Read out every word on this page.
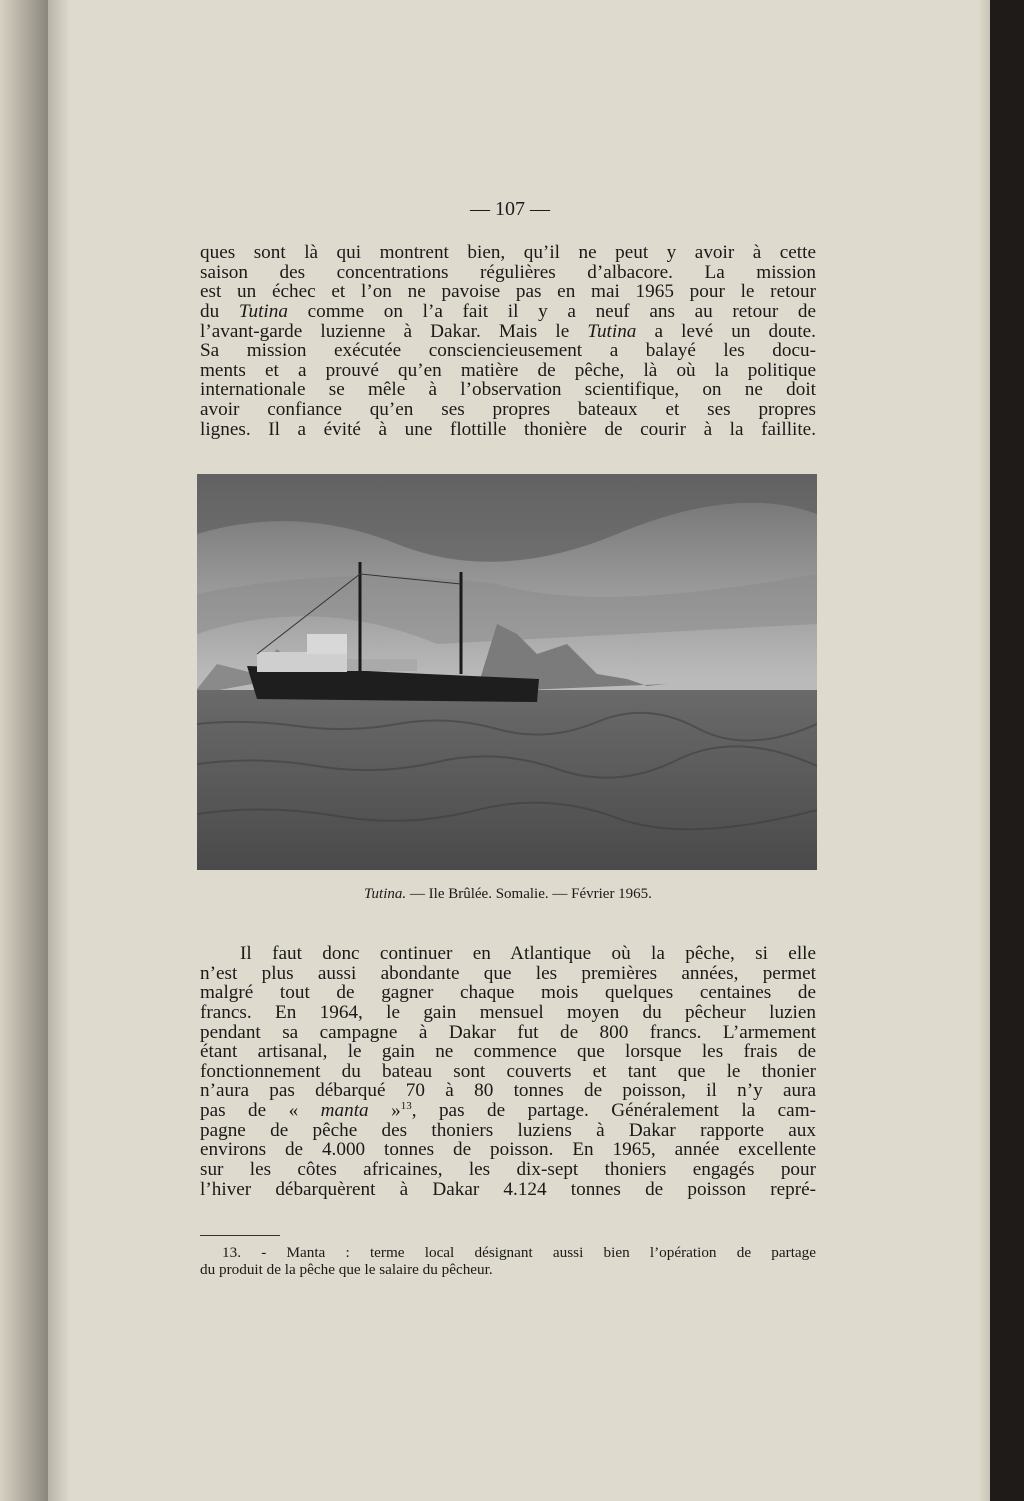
— 107 —
ques sont là qui montrent bien, qu’il ne peut y avoir à cette
saison des concentrations régulières d’albacore. La mission
est un échec et l’on ne pavoise pas en mai 1965 pour le retour
du Tutina comme on l’a fait il y a neuf ans au retour de
l’avant-garde luzienne à Dakar. Mais le Tutina a levé un doute.
Sa mission exécutée consciencieusement a balayé les docu-
ments et a prouvé qu’en matière de pêche, là où la politique
internationale se mêle à l’observation scientifique, on ne doit
avoir confiance qu’en ses propres bateaux et ses propres
lignes. Il a évité à une flottille thonière de courir à la faillite.
Tutina. — Ile Brûlée. Somalie. — Février 1965.
Il faut donc continuer en Atlantique où la pêche, si elle
n’est plus aussi abondante que les premières années, permet
malgré tout de gagner chaque mois quelques centaines de
francs. En 1964, le gain mensuel moyen du pêcheur luzien
pendant sa campagne à Dakar fut de 800 francs. L’armement
étant artisanal, le gain ne commence que lorsque les frais de
fonctionnement du bateau sont couverts et tant que le thonier
n’aura pas débarqué 70 à 80 tonnes de poisson, il n’y aura
pas de « manta »$^{13}$, pas de partage. Généralement la cam-
pagne de pêche des thoniers luziens à Dakar rapporte aux
environs de 4.000 tonnes de poisson. En 1965, année excellente
sur les côtes africaines, les dix-sept thoniers engagés pour
l’hiver débarquèrent à Dakar 4.124 tonnes de poisson repré-
13. - Manta : terme local désignant aussi bien l’opération de partage
du produit de la pêche que le salaire du pêcheur.
